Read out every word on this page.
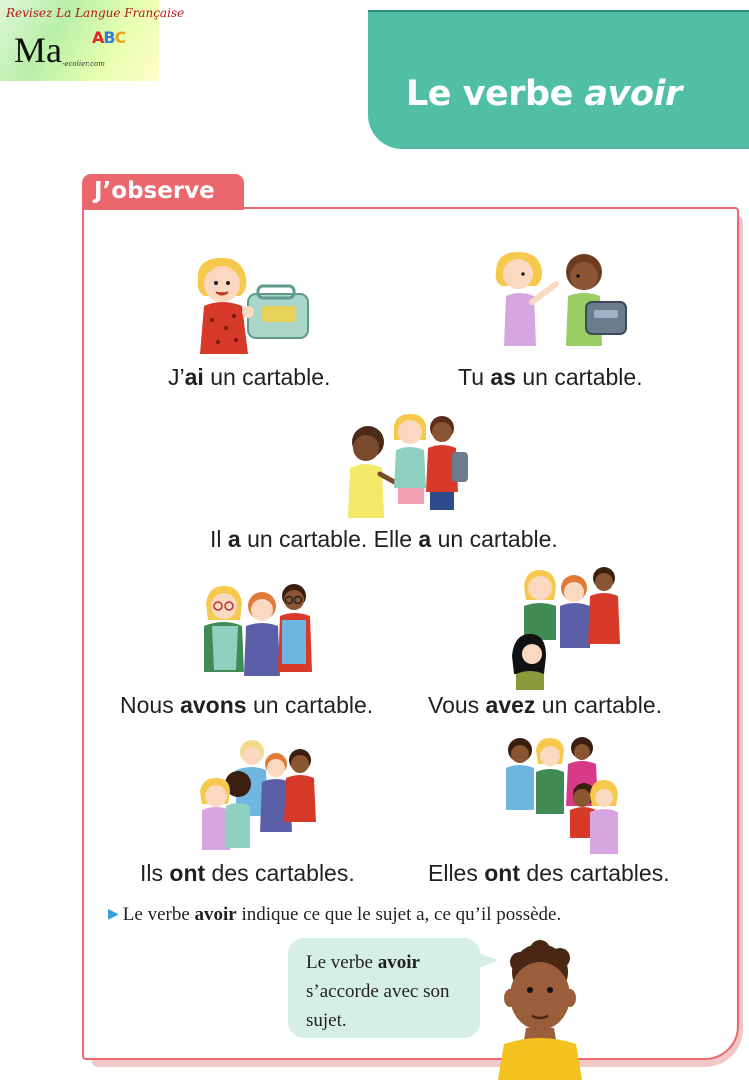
Revisez La Langue Française
Ma ABC
-ecolier.com
Le verbe avoir
J’observe
J’ai un cartable.	Tu as un cartable.
Il a un cartable. Elle a un cartable.
Nous avons un cartable. Vous avez un cartable.
Ils ont des cartables.	Elles ont des cartables.
▶ Le verbe avoir indique ce que le sujet a, ce qu’il possède.
Le verbe avoir s’accorde avec son sujet.
